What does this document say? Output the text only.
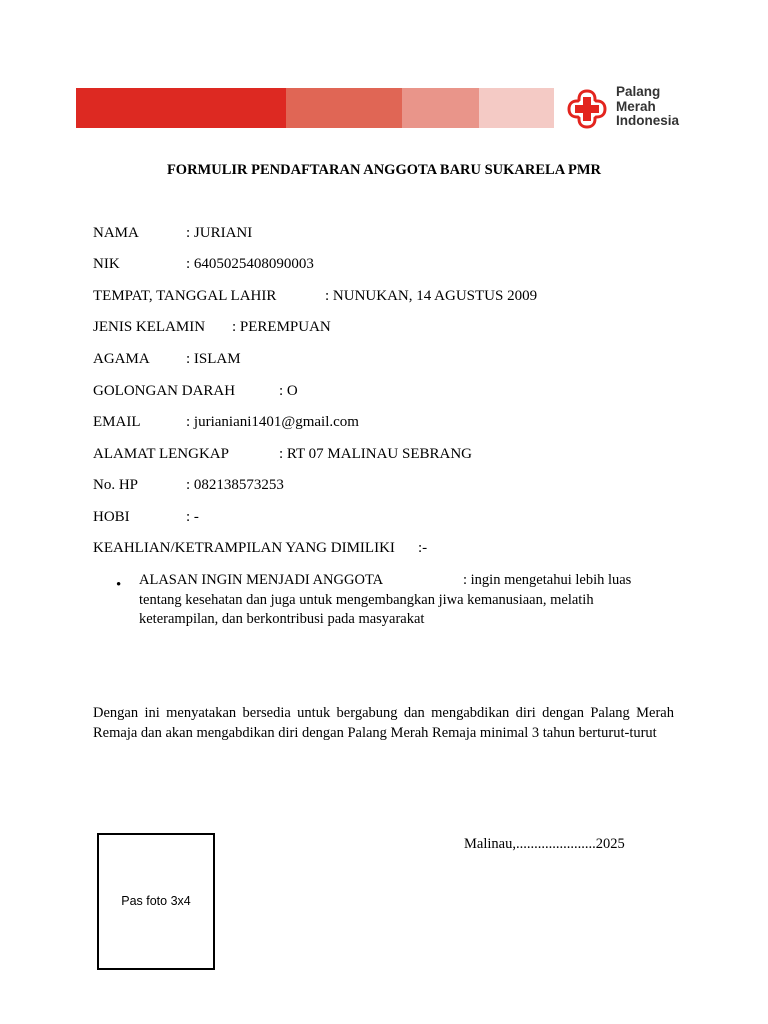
Palang
Merah
Indonesia
FORMULIR PENDAFTARAN ANGGOTA BARU SUKARELA PMR
NAMA	: JURIANI
NIK	: 6405025408090003
TEMPAT, TANGGAL LAHIR	: NUNUKAN, 14 AGUSTUS 2009
JENIS KELAMIN : PEREMPUAN
AGAMA : ISLAM
GOLONGAN DARAH	: O
EMAIL	: jurianiani1401@gmail.com
ALAMAT LENGKAP	: RT 07 MALINAU SEBRANG
No. HP	: 082138573253
HOBI	: -
KEAHLIAN/KETRAMPILAN YANG DIMILIKI :-
• ALASAN INGIN MENJADI ANGGOTA	: ingin mengetahui lebih luas tentang kesehatan dan juga untuk mengembangkan jiwa kemanusiaan, melatih keterampilan, dan berkontribusi pada masyarakat
Dengan ini menyatakan bersedia untuk bergabung dan mengabdikan diri dengan Palang Merah Remaja dan akan mengabdikan diri dengan Palang Merah Remaja minimal 3 tahun berturut-turut
Malinau,......................2025
Pas foto 3x4
